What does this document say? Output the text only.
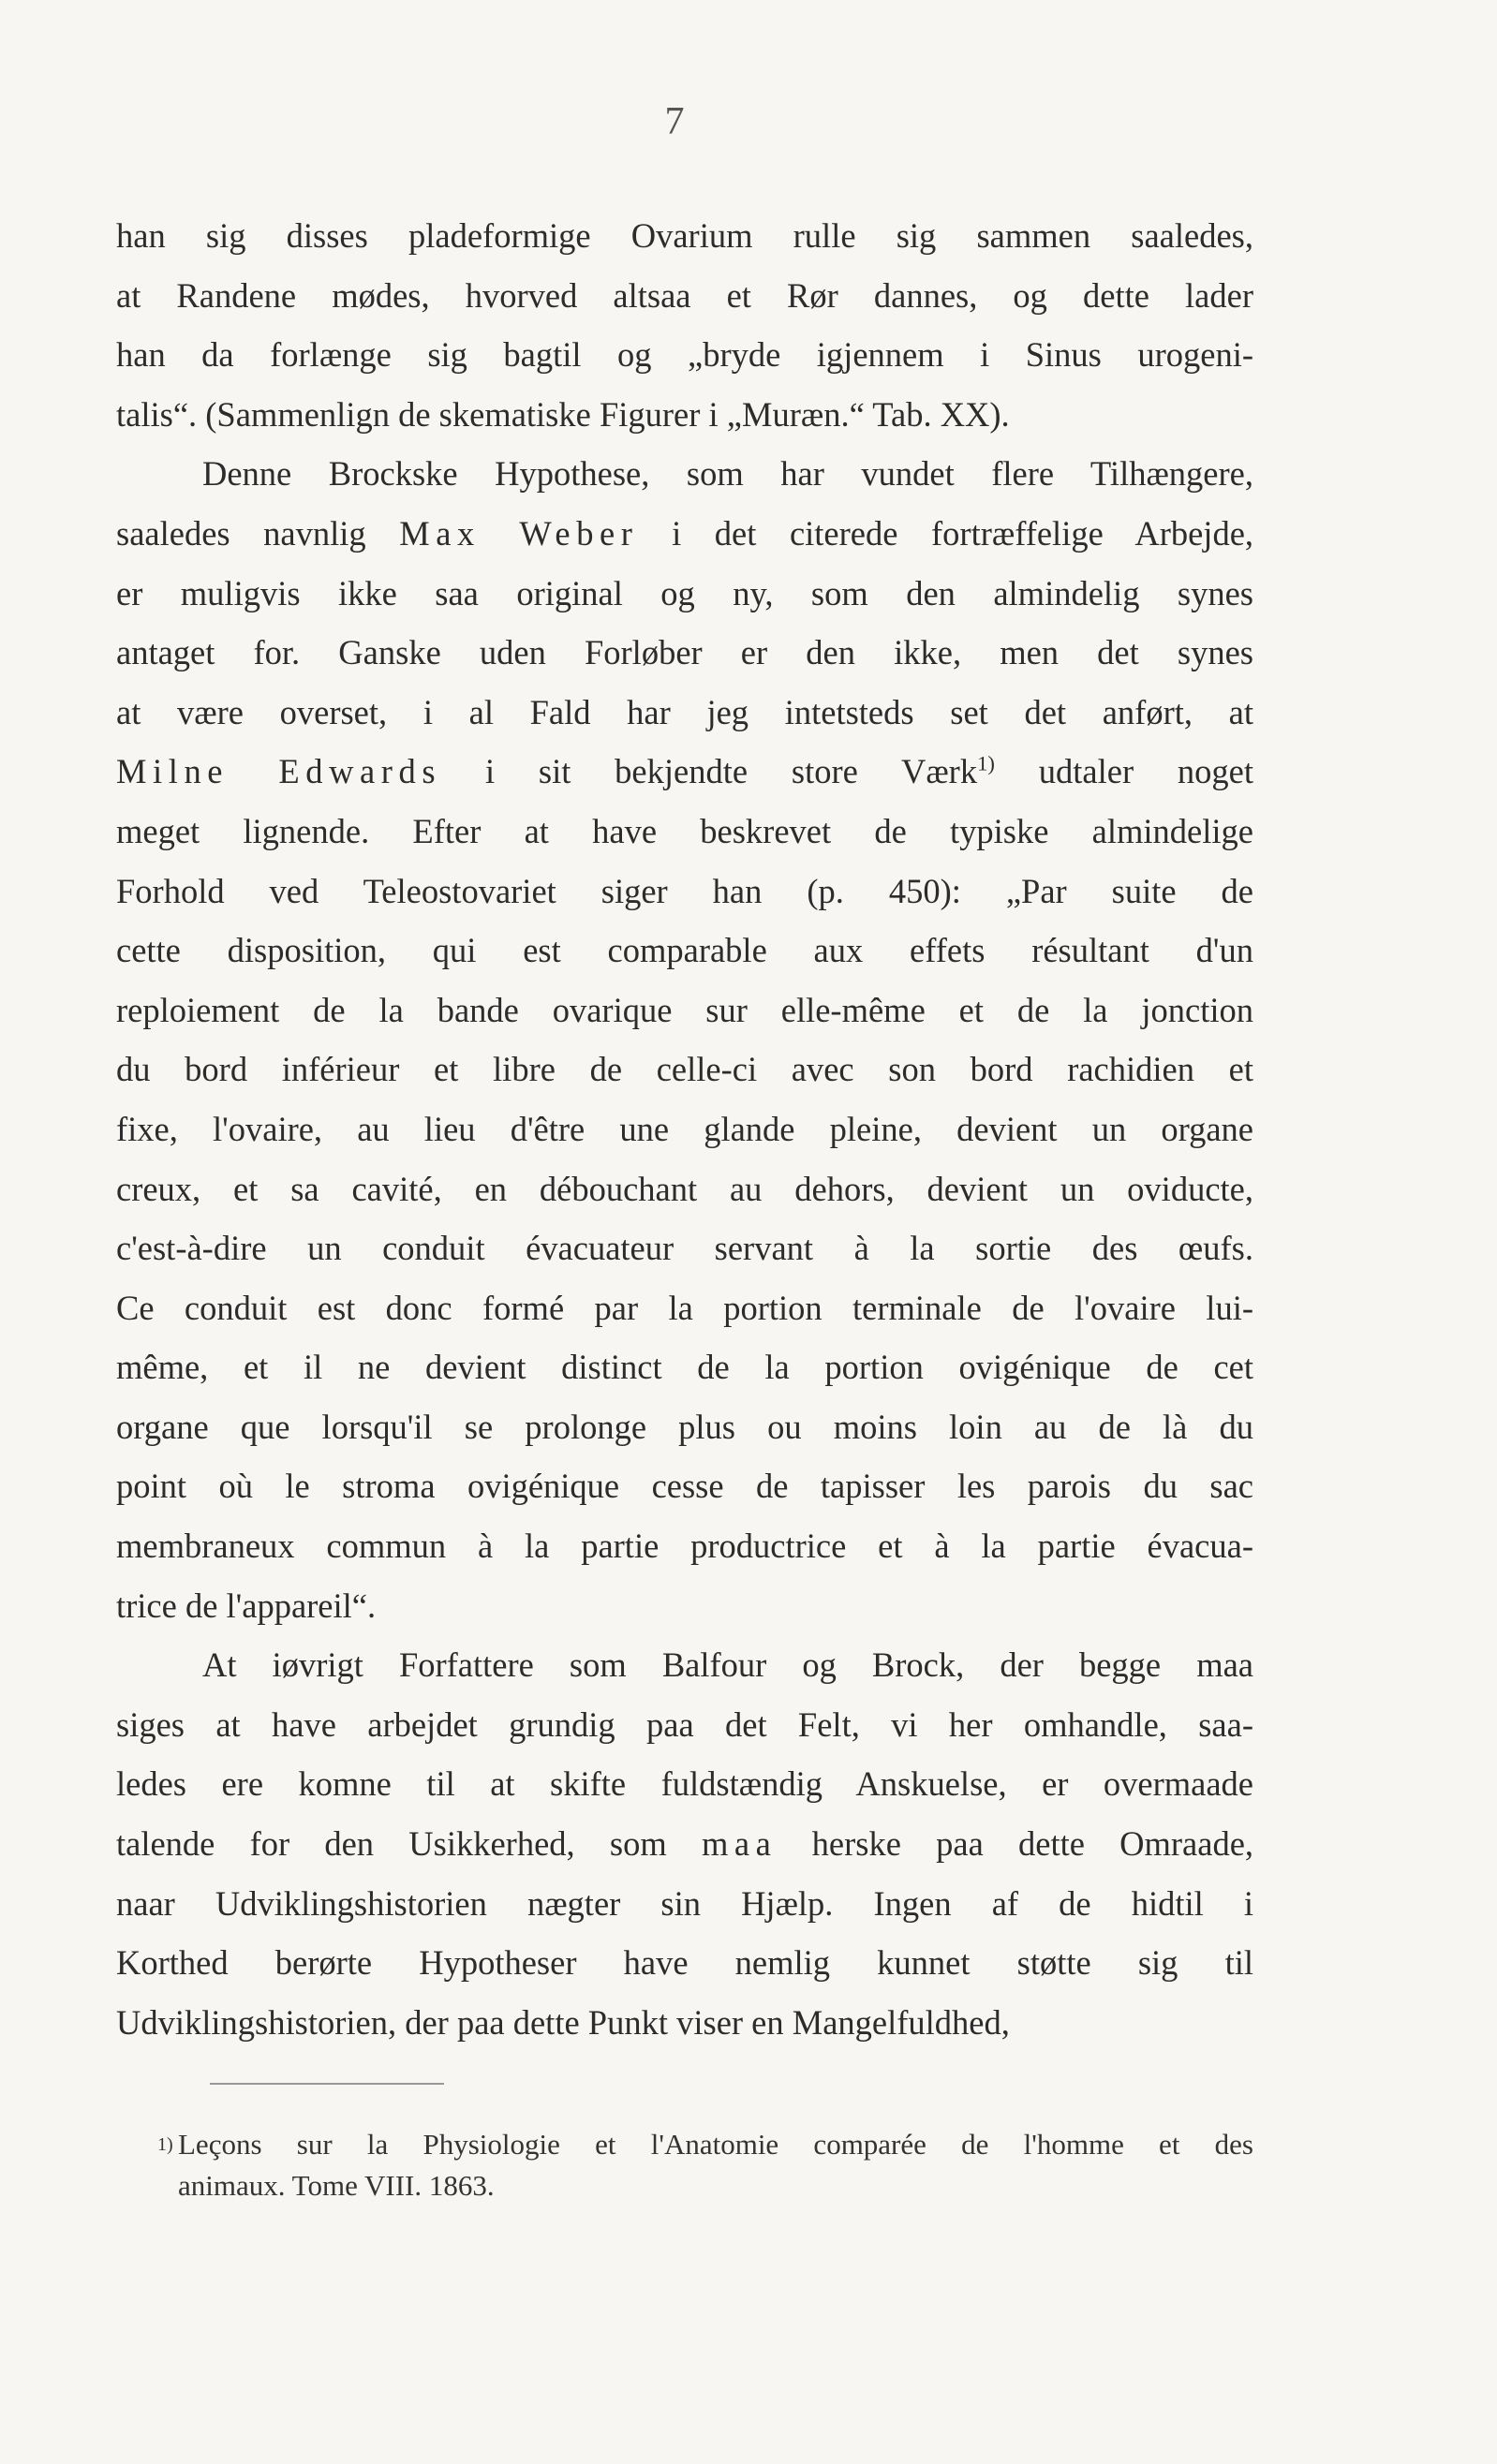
7
han sig disses pladeformige Ovarium rulle sig sammen saaledes,
at Randene mødes, hvorved altsaa et Rør dannes, og dette lader
han da forlænge sig bagtil og „bryde igjennem i Sinus urogeni-
talis“. (Sammenlign de skematiske Figurer i „Muræn.“ Tab. XX).
Denne Brockske Hypothese, som har vundet flere Tilhængere,
saaledes navnlig Max Weber i det citerede fortræffelige Arbejde,
er muligvis ikke saa original og ny, som den almindelig synes
antaget for. Ganske uden Forløber er den ikke, men det synes
at være overset, i al Fald har jeg intetsteds set det anført, at
Milne Edwards i sit bekjendte store Værk$^{1)}$ udtaler noget
meget lignende. Efter at have beskrevet de typiske almindelige
Forhold ved Teleostovariet siger han (p. 450): „Par suite de
cette disposition, qui est comparable aux effets résultant d'un
reploiement de la bande ovarique sur elle-même et de la jonction
du bord inférieur et libre de celle-ci avec son bord rachidien et
fixe, l'ovaire, au lieu d'être une glande pleine, devient un organe
creux, et sa cavité, en débouchant au dehors, devient un oviducte,
c'est-à-dire un conduit évacuateur servant à la sortie des œufs.
Ce conduit est donc formé par la portion terminale de l'ovaire lui-
même, et il ne devient distinct de la portion ovigénique de cet
organe que lorsqu'il se prolonge plus ou moins loin au de là du
point où le stroma ovigénique cesse de tapisser les parois du sac
membraneux commun à la partie productrice et à la partie évacua-
trice de l'appareil“.
At iøvrigt Forfattere som Balfour og Brock, der begge maa
siges at have arbejdet grundig paa det Felt, vi her omhandle, saa-
ledes ere komne til at skifte fuldstændig Anskuelse, er overmaade
talende for den Usikkerhed, som maa herske paa dette Omraade,
naar Udviklingshistorien nægter sin Hjælp. Ingen af de hidtil i
Korthed berørte Hypotheser have nemlig kunnet støtte sig til
Udviklingshistorien, der paa dette Punkt viser en Mangelfuldhed,
1) Leçons sur la Physiologie et l'Anatomie comparée de l'homme et des
animaux. Tome VIII. 1863.
